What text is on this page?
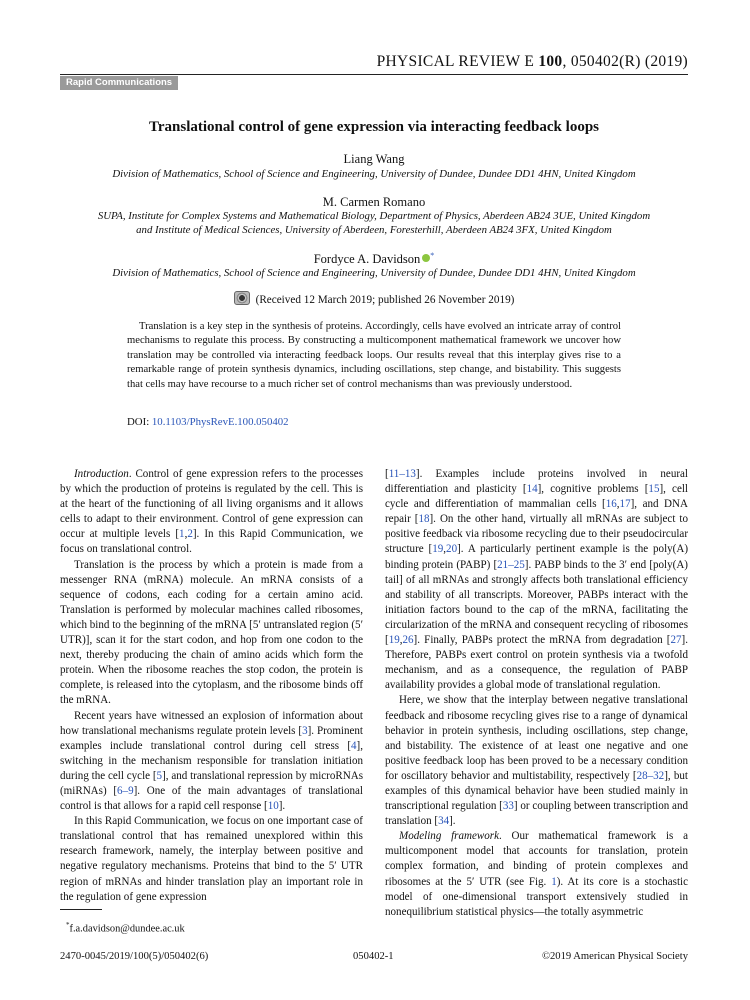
PHYSICAL REVIEW E 100, 050402(R) (2019)
Rapid Communications
Translational control of gene expression via interacting feedback loops
Liang Wang
Division of Mathematics, School of Science and Engineering, University of Dundee, Dundee DD1 4HN, United Kingdom
M. Carmen Romano
SUPA, Institute for Complex Systems and Mathematical Biology, Department of Physics, Aberdeen AB24 3UE, United Kingdom
and Institute of Medical Sciences, University of Aberdeen, Foresterhill, Aberdeen AB24 3FX, United Kingdom
Fordyce A. Davidson *
Division of Mathematics, School of Science and Engineering, University of Dundee, Dundee DD1 4HN, United Kingdom
(Received 12 March 2019; published 26 November 2019)

Translation is a key step in the synthesis of proteins. Accordingly, cells have evolved an intricate array of control mechanisms to regulate this process. By constructing a multicomponent mathematical framework we uncover how translation may be controlled via interacting feedback loops. Our results reveal that this interplay gives rise to a remarkable range of protein synthesis dynamics, including oscillations, step change, and bistability. This suggests that cells may have recourse to a much richer set of control mechanisms than was previously understood.

DOI: 10.1103/PhysRevE.100.050402

Introduction. Control of gene expression refers to the processes by which the production of proteins is regulated by the cell. This is at the heart of the functioning of all living organisms and it allows cells to adapt to their environment. Control of gene expression can occur at multiple levels [1,2]. In this Rapid Communication, we focus on translational control.

Translation is the process by which a protein is made from a messenger RNA (mRNA) molecule. An mRNA consists of a sequence of codons, each coding for a certain amino acid. Translation is performed by molecular machines called ribosomes, which bind to the beginning of the mRNA [5′ untranslated region (5′ UTR)], scan it for the start codon, and hop from one codon to the next, thereby producing the chain of amino acids which form the protein. When the ribosome reaches the stop codon, the protein is complete, is released into the cytoplasm, and the ribosome binds off the mRNA.

Recent years have witnessed an explosion of information about how translational mechanisms regulate protein levels [3]. Prominent examples include translational control during cell stress [4], switching in the mechanism responsible for translation initiation during the cell cycle [5], and translational repression by microRNAs (miRNAs) [6–9]. One of the main advantages of translational control is that allows for a rapid cell response [10].

In this Rapid Communication, we focus on one important case of translational control that has remained unexplored within this research framework, namely, the interplay between positive and negative regulatory mechanisms. Proteins that bind to the 5′ UTR region of mRNAs and hinder translation play an important role in the regulation of gene expression

[11–13]. Examples include proteins involved in neural differentiation and plasticity [14], cognitive problems [15], cell cycle and differentiation of mammalian cells [16,17], and DNA repair [18]. On the other hand, virtually all mRNAs are subject to positive feedback via ribosome recycling due to their pseudocircular structure [19,20]. A particularly pertinent example is the poly(A) binding protein (PABP) [21–25]. PABP binds to the 3′ end [poly(A) tail] of all mRNAs and strongly affects both translational efficiency and stability of all transcripts. Moreover, PABPs interact with the initiation factors bound to the cap of the mRNA, facilitating the circularization of the mRNA and consequent recycling of ribosomes [19,26]. Finally, PABPs protect the mRNA from degradation [27]. Therefore, PABPs exert control on protein synthesis via a twofold mechanism, and as a consequence, the regulation of PABP availability provides a global mode of translational regulation.

Here, we show that the interplay between negative translational feedback and ribosome recycling gives rise to a range of dynamical behavior in protein synthesis, including oscillations, step change, and bistability. The existence of at least one negative and one positive feedback loop has been proved to be a necessary condition for oscillatory behavior and multistability, respectively [28–32], but examples of this dynamical behavior have been studied mainly in transcriptional regulation [33] or coupling between transcription and translation [34].

Modeling framework. Our mathematical framework is a multicomponent model that accounts for translation, protein complex formation, and binding of protein complexes and ribosomes at the 5′ UTR (see Fig. 1). At its core is a stochastic model of one-dimensional transport extensively studied in nonequilibrium statistical physics—the totally asymmetric

*f.a.davidson@dundee.ac.uk
2470-0045/2019/100(5)/050402(6)	050402-1	©2019 American Physical Society
